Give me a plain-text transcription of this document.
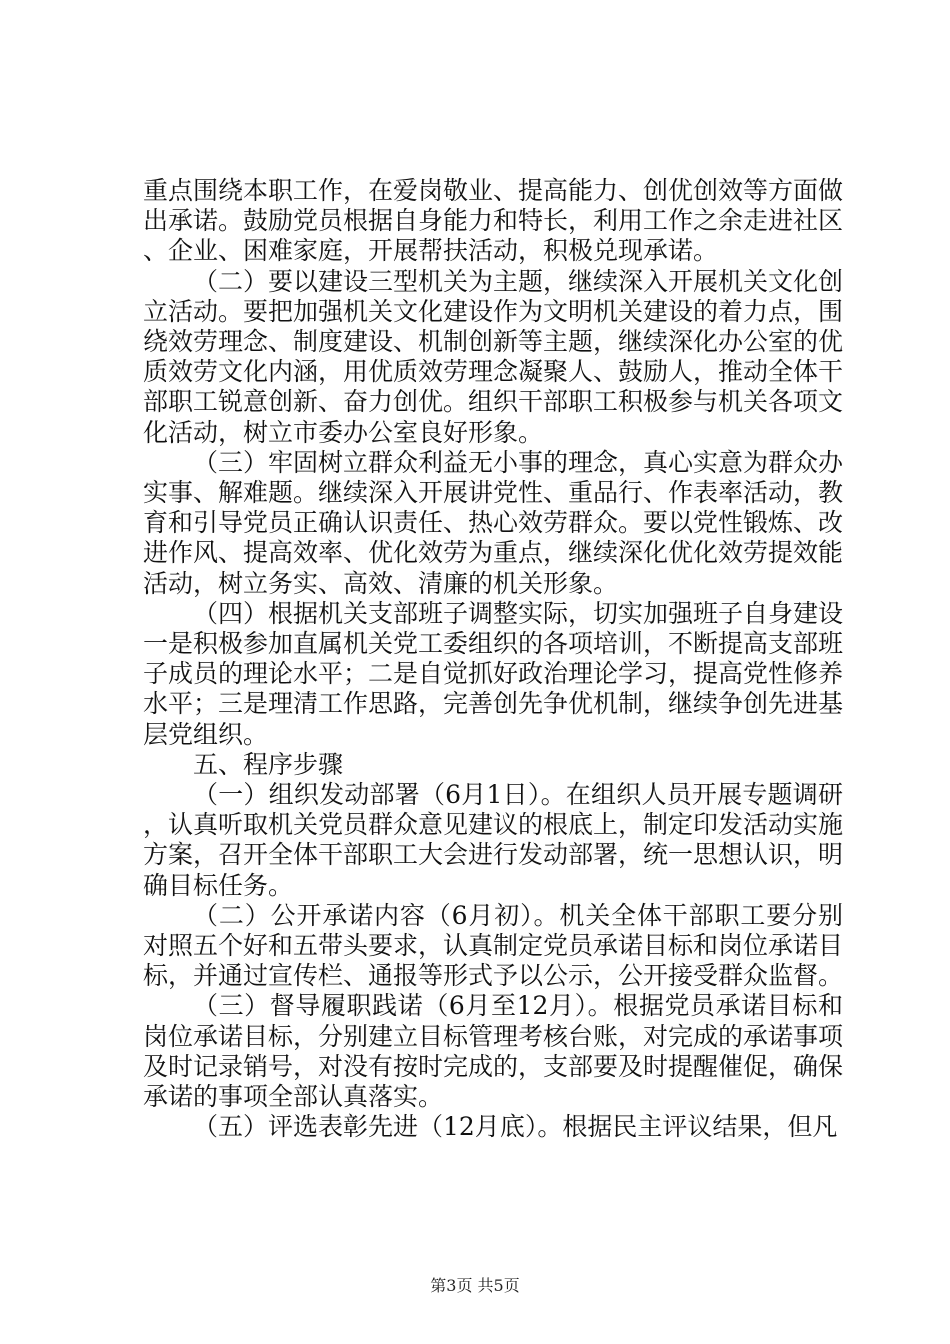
重点围绕本职工作，在爱岗敬业、提高能力、创优创效等方面做出承诺。鼓励党员根据自身能力和特长，利用工作之余走进社区、企业、困难家庭，开展帮扶活动，积极兑现承诺。

（二）要以建设三型机关为主题，继续深入开展机关文化创立活动。要把加强机关文化建设作为文明机关建设的着力点，围绕效劳理念、制度建设、机制创新等主题，继续深化办公室的优质效劳文化内涵，用优质效劳理念凝聚人、鼓励人，推动全体干部职工锐意创新、奋力创优。组织干部职工积极参与机关各项文化活动，树立市委办公室良好形象。

（三）牢固树立群众利益无小事的理念，真心实意为群众办实事、解难题。继续深入开展讲党性、重品行、作表率活动，教育和引导党员正确认识责任、热心效劳群众。要以党性锻炼、改进作风、提高效率、优化效劳为重点，继续深化优化效劳提效能活动，树立务实、高效、清廉的机关形象。

（四）根据机关支部班子调整实际，切实加强班子自身建设一是积极参加直属机关党工委组织的各项培训，不断提高支部班子成员的理论水平；二是自觉抓好政治理论学习，提高党性修养水平；三是理清工作思路，完善创先争优机制，继续争创先进基层党组织。

五、程序步骤

（一）组织发动部署（6月1日）。在组织人员开展专题调研，认真听取机关党员群众意见建议的根底上，制定印发活动实施方案，召开全体干部职工大会进行发动部署，统一思想认识，明确目标任务。

（二）公开承诺内容（6月初）。机关全体干部职工要分别对照五个好和五带头要求，认真制定党员承诺目标和岗位承诺目标，并通过宣传栏、通报等形式予以公示，公开接受群众监督。

（三）督导履职践诺（6月至12月）。根据党员承诺目标和岗位承诺目标，分别建立目标管理考核台账，对完成的承诺事项及时记录销号，对没有按时完成的，支部要及时提醒催促，确保承诺的事项全部认真落实。

（五）评选表彰先进（12月底）。根据民主评议结果，但凡

第3页 共5页
